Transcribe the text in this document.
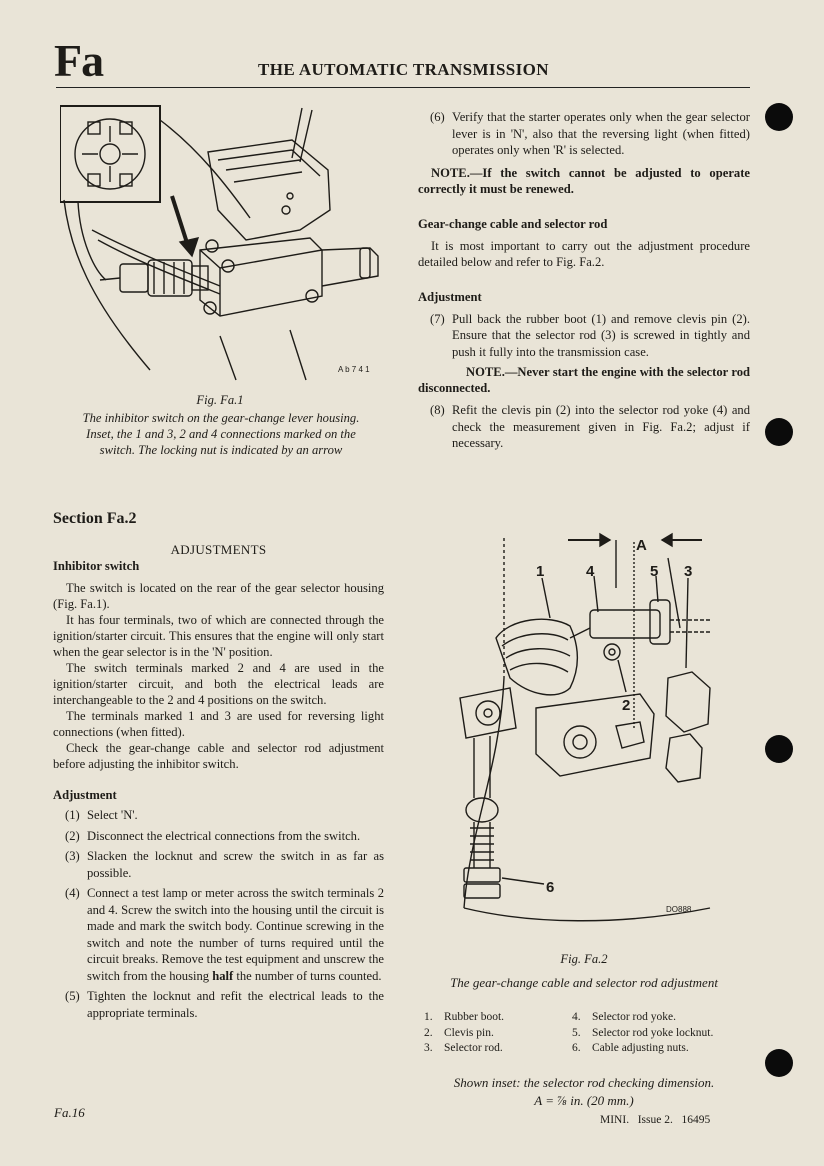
Fa	THE AUTOMATIC TRANSMISSION
A b 7 4 1
Fig. Fa.1
The inhibitor switch on the gear-change lever housing.
Inset, the 1 and 3, 2 and 4 connections marked on the
switch. The locking nut is indicated by an arrow
Section Fa.2
ADJUSTMENTS

Inhibitor switch

The switch is located on the rear of the gear selector housing (Fig. Fa.1).

It has four terminals, two of which are connected through the ignition/starter circuit. This ensures that the engine will only start when the gear selector is in the 'N' position.

The switch terminals marked 2 and 4 are used in the ignition/starter circuit, and both the electrical leads are interchangeable to the 2 and 4 positions on the switch.

The terminals marked 1 and 3 are used for reversing light connections (when fitted).

Check the gear-change cable and selector rod adjustment before adjusting the inhibitor switch.

Adjustment

(1) Select 'N'.
(2) Disconnect the electrical connections from the switch.
(3) Slacken the locknut and screw the switch in as far as possible.
(4) Connect a test lamp or meter across the switch terminals 2 and 4. Screw the switch into the housing until the circuit is made and mark the switch body. Continue screwing in the switch and note the number of turns required until the circuit breaks. Remove the test equipment and unscrew the switch from the housing half the number of turns counted.
(5) Tighten the locknut and refit the electrical leads to the appropriate terminals.
(6) Verify that the starter operates only when the gear selector lever is in 'N', also that the reversing light (when fitted) operates only when 'R' is selected.

NOTE.—If the switch cannot be adjusted to operate correctly it must be renewed.

Gear-change cable and selector rod

It is most important to carry out the adjustment procedure detailed below and refer to Fig. Fa.2.

Adjustment

(7) Pull back the rubber boot (1) and remove clevis pin (2). Ensure that the selector rod (3) is screwed in tightly and push it fully into the transmission case.

NOTE.—Never start the engine with the selector rod disconnected.

(8) Refit the clevis pin (2) into the selector rod yoke (4) and check the measurement given in Fig. Fa.2; adjust if necessary.
A
1	4	5 3
2
6
DO888
Fig. Fa.2
The gear-change cable and selector rod adjustment
1. Rubber boot.
2. Clevis pin.
3. Selector rod.
4. Selector rod yoke.
5. Selector rod yoke locknut.
6. Cable adjusting nuts.
Shown inset: the selector rod checking dimension.
A = ⅞ in. (20 mm.)
Fa.16	MINI.   Issue 2.   16495
